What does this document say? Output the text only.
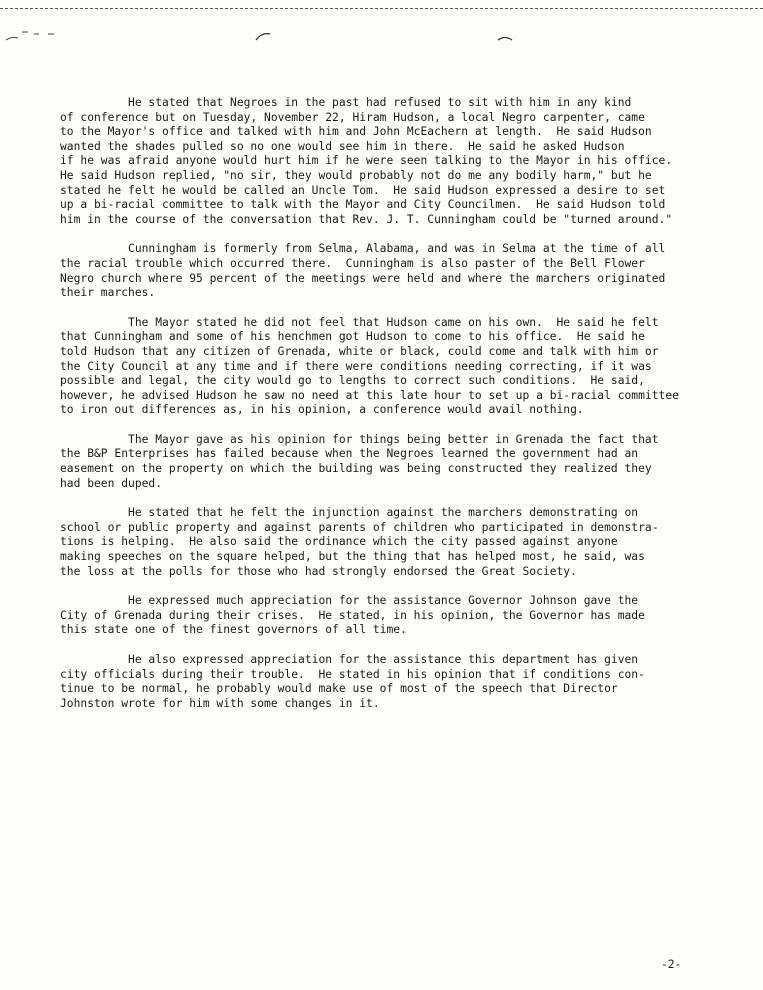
He stated that Negroes in the past had refused to sit with him in any kind
of conference but on Tuesday, November 22, Hiram Hudson, a local Negro carpenter, came
to the Mayor's office and talked with him and John McEachern at length.  He said Hudson
wanted the shades pulled so no one would see him in there.  He said he asked Hudson
if he was afraid anyone would hurt him if he were seen talking to the Mayor in his office.
He said Hudson replied, "no sir, they would probably not do me any bodily harm," but he
stated he felt he would be called an Uncle Tom.  He said Hudson expressed a desire to set
up a bi-racial committee to talk with the Mayor and City Councilmen.  He said Hudson told
him in the course of the conversation that Rev. J. T. Cunningham could be "turned around."
Cunningham is formerly from Selma, Alabama, and was in Selma at the time of all
the racial trouble which occurred there.  Cunningham is also paster of the Bell Flower
Negro church where 95 percent of the meetings were held and where the marchers originated
their marches.
The Mayor stated he did not feel that Hudson came on his own.  He said he felt
that Cunningham and some of his henchmen got Hudson to come to his office.  He said he
told Hudson that any citizen of Grenada, white or black, could come and talk with him or
the City Council at any time and if there were conditions needing correcting, if it was
possible and legal, the city would go to lengths to correct such conditions.  He said,
however, he advised Hudson he saw no need at this late hour to set up a bi-racial committee
to iron out differences as, in his opinion, a conference would avail nothing.
The Mayor gave as his opinion for things being better in Grenada the fact that
the B&P Enterprises has failed because when the Negroes learned the government had an
easement on the property on which the building was being constructed they realized they
had been duped.
He stated that he felt the injunction against the marchers demonstrating on
school or public property and against parents of children who participated in demonstra-
tions is helping.  He also said the ordinance which the city passed against anyone
making speeches on the square helped, but the thing that has helped most, he said, was
the loss at the polls for those who had strongly endorsed the Great Society.
He expressed much appreciation for the assistance Governor Johnson gave the
City of Grenada during their crises.  He stated, in his opinion, the Governor has made
this state one of the finest governors of all time.
He also expressed appreciation for the assistance this department has given
city officials during their trouble.  He stated in his opinion that if conditions con-
tinue to be normal, he probably would make use of most of the speech that Director
Johnston wrote for him with some changes in it.
-2-
